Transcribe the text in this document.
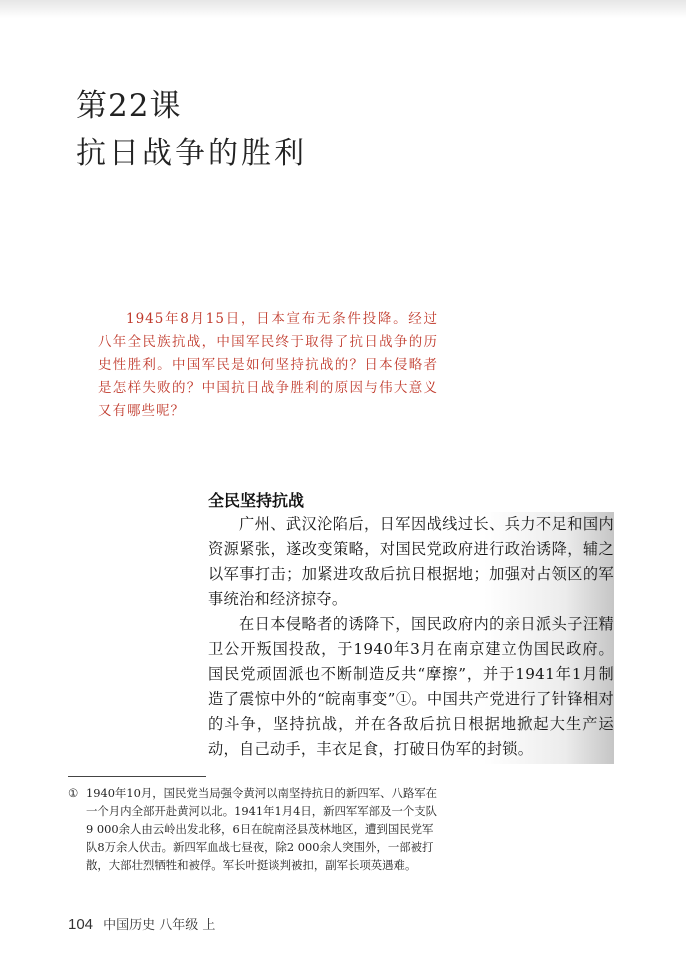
第22课
抗日战争的胜利
1945年8月15日，日本宣布无条件投降。经过八年全民族抗战，中国军民终于取得了抗日战争的历史性胜利。中国军民是如何坚持抗战的？日本侵略者是怎样失败的？中国抗日战争胜利的原因与伟大意义又有哪些呢？
全民坚持抗战

广州、武汉沦陷后，日军因战线过长、兵力不足和国内资源紧张，遂改变策略，对国民党政府进行政治诱降，辅之以军事打击；加紧进攻敌后抗日根据地；加强对占领区的军事统治和经济掠夺。

在日本侵略者的诱降下，国民政府内的亲日派头子汪精卫公开叛国投敌，于1940年3月在南京建立伪国民政府。国民党顽固派也不断制造反共“摩擦”，并于1941年1月制造了震惊中外的“皖南事变”①。中国共产党进行了针锋相对的斗争，坚持抗战，并在各敌后抗日根据地掀起大生产运动，自己动手，丰衣足食，打破日伪军的封锁。

① 1940年10月，国民党当局强令黄河以南坚持抗日的新四军、八路军在一个月内全部开赴黄河以北。1941年1月4日，新四军军部及一个支队9 000余人由云岭出发北移，6日在皖南泾县茂林地区，遭到国民党军队8万余人伏击。新四军血战七昼夜，除2 000余人突围外，一部被打散，大部壮烈牺牲和被俘。军长叶挺谈判被扣，副军长项英遇难。
104 中国历史 八年级 上
